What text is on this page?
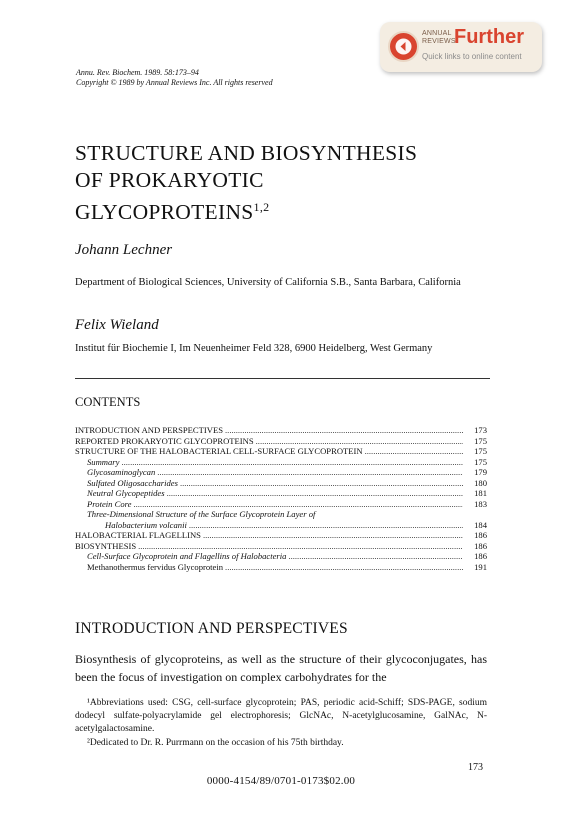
ANNUAL
REVIEWS
Further
Quick links to online content
Annu. Rev. Biochem. 1989. 58:173–94
Copyright © 1989 by Annual Reviews Inc. All rights reserved
STRUCTURE AND BIOSYNTHESIS
OF PROKARYOTIC
GLYCOPROTEINS$^{1,2}$
Johann Lechner
Department of Biological Sciences, University of California S.B., Santa Barbara, California
Felix Wieland
Institut für Biochemie I, Im Neuenheimer Feld 328, 6900 Heidelberg, West Germany
CONTENTS
INTRODUCTION AND PERSPECTIVES .....	173
REPORTED PROKARYOTIC GLYCOPROTEINS .....	175
STRUCTURE OF THE HALOBACTERIAL CELL-SURFACE GLYCOPROTEIN .....	175
Summary .....	175
Glycosaminoglycan .....	179
Sulfated Oligosaccharides .....	180
Neutral Glycopeptides .....	181
Protein Core .....	183
Three-Dimensional Structure of the Surface Glycoprotein Layer of
Halobacterium volcanii .....	184
HALOBACTERIAL FLAGELLINS .....	186
BIOSYNTHESIS .....	186
Cell-Surface Glycoprotein and Flagellins of Halobacteria .....	186
Methanothermus fervidus Glycoprotein .....	191
INTRODUCTION AND PERSPECTIVES
Biosynthesis of glycoproteins, as well as the structure of their glycoconjugates, has been the focus of investigation on complex carbohydrates for the
¹Abbreviations used: CSG, cell-surface glycoprotein; PAS, periodic acid-Schiff; SDS-PAGE, sodium dodecyl sulfate-polyacrylamide gel electrophoresis; GlcNAc, N-acetylglucosamine, GalNAc, N-acetylgalactosamine.
²Dedicated to Dr. R. Purrmann on the occasion of his 75th birthday.
173
0000-4154/89/0701-0173$02.00
